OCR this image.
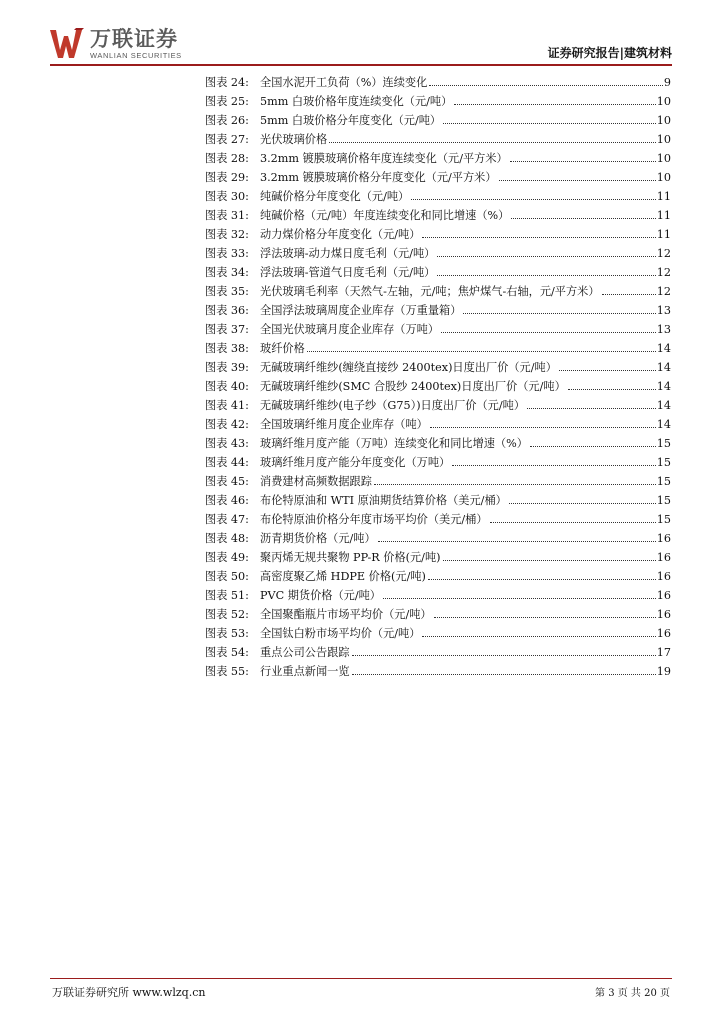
万联证券
WANLIAN SECURITIES	证券研究报告|建筑材料
图表 24: 全国水泥开工负荷（%）连续变化	9
图表 25: 5mm 白玻价格年度连续变化（元/吨）	10
图表 26: 5mm 白玻价格分年度变化（元/吨）	10
图表 27: 光伏玻璃价格	10
图表 28: 3.2mm 镀膜玻璃价格年度连续变化（元/平方米）	10
图表 29: 3.2mm 镀膜玻璃价格分年度变化（元/平方米）	10
图表 30: 纯碱价格分年度变化（元/吨）	11
图表 31: 纯碱价格（元/吨）年度连续变化和同比增速（%）	11
图表 32: 动力煤价格分年度变化（元/吨）	11
图表 33: 浮法玻璃-动力煤日度毛利（元/吨）	12
图表 34: 浮法玻璃-管道气日度毛利（元/吨）	12
图表 35: 光伏玻璃毛利率（天然气-左轴，元/吨；焦炉煤气-右轴，元/平方米）	12
图表 36: 全国浮法玻璃周度企业库存（万重量箱）	13
图表 37: 全国光伏玻璃月度企业库存（万吨）	13
图表 38: 玻纤价格	14
图表 39: 无碱玻璃纤维纱(缠绕直接纱 2400tex)日度出厂价（元/吨）	14
图表 40: 无碱玻璃纤维纱(SMC 合股纱 2400tex)日度出厂价（元/吨）	14
图表 41: 无碱玻璃纤维纱(电子纱（G75）)日度出厂价（元/吨）	14
图表 42: 全国玻璃纤维月度企业库存（吨）	14
图表 43: 玻璃纤维月度产能（万吨）连续变化和同比增速（%）	15
图表 44: 玻璃纤维月度产能分年度变化（万吨）	15
图表 45: 消费建材高频数据跟踪	15
图表 46: 布伦特原油和 WTI 原油期货结算价格（美元/桶）	15
图表 47: 布伦特原油价格分年度市场平均价（美元/桶）	15
图表 48: 沥青期货价格（元/吨）	16
图表 49: 聚丙烯无规共聚物 PP-R 价格(元/吨)	16
图表 50: 高密度聚乙烯 HDPE 价格(元/吨)	16
图表 51: PVC 期货价格（元/吨）	16
图表 52: 全国聚酯瓶片市场平均价（元/吨）	16
图表 53: 全国钛白粉市场平均价（元/吨）	16
图表 54: 重点公司公告跟踪	17
图表 55: 行业重点新闻一览	19
万联证券研究所 www.wlzq.cn	第 3 页 共 20 页
